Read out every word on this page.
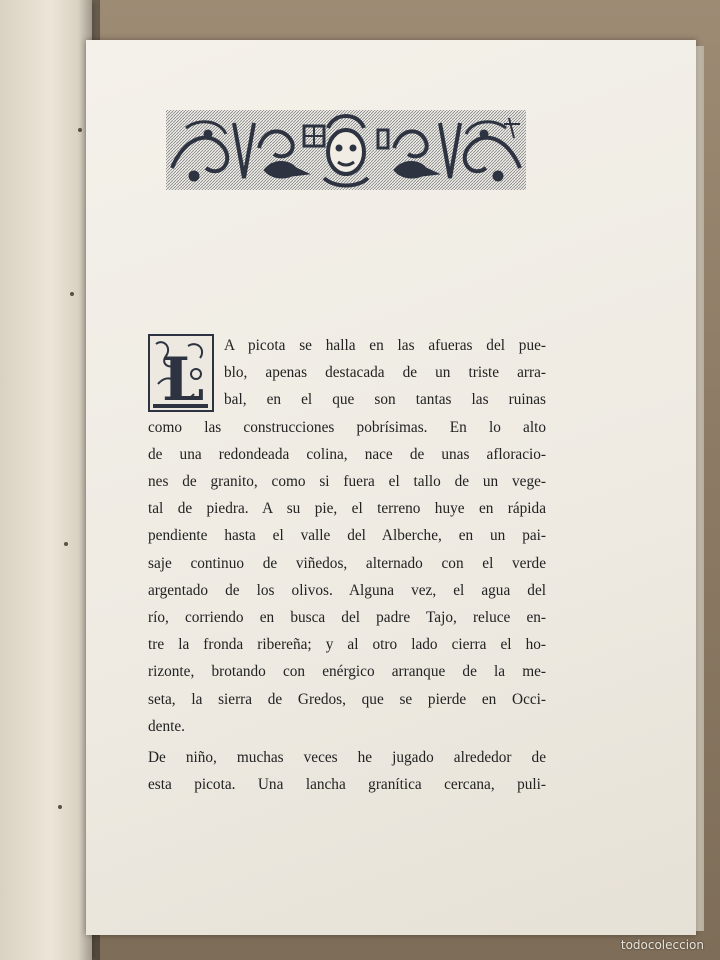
L	A picota se halla en las afueras del pue-
blo, apenas destacada de un triste arra-
bal, en el que son tantas las ruinas
como las construcciones pobrísimas. En lo alto
de una redondeada colina, nace de unas afloracio-
nes de granito, como si fuera el tallo de un vege-
tal de piedra. A su pie, el terreno huye en rápida
pendiente hasta el valle del Alberche, en un pai-
saje continuo de viñedos, alternado con el verde
argentado de los olivos. Alguna vez, el agua del
río, corriendo en busca del padre Tajo, reluce en-
tre la fronda ribereña; y al otro lado cierra el ho-
rizonte, brotando con enérgico arranque de la me-
seta, la sierra de Gredos, que se pierde en Occi-
dente.
De niño, muchas veces he jugado alrededor de
esta picota. Una lancha granítica cercana, puli-
todocoleccion
